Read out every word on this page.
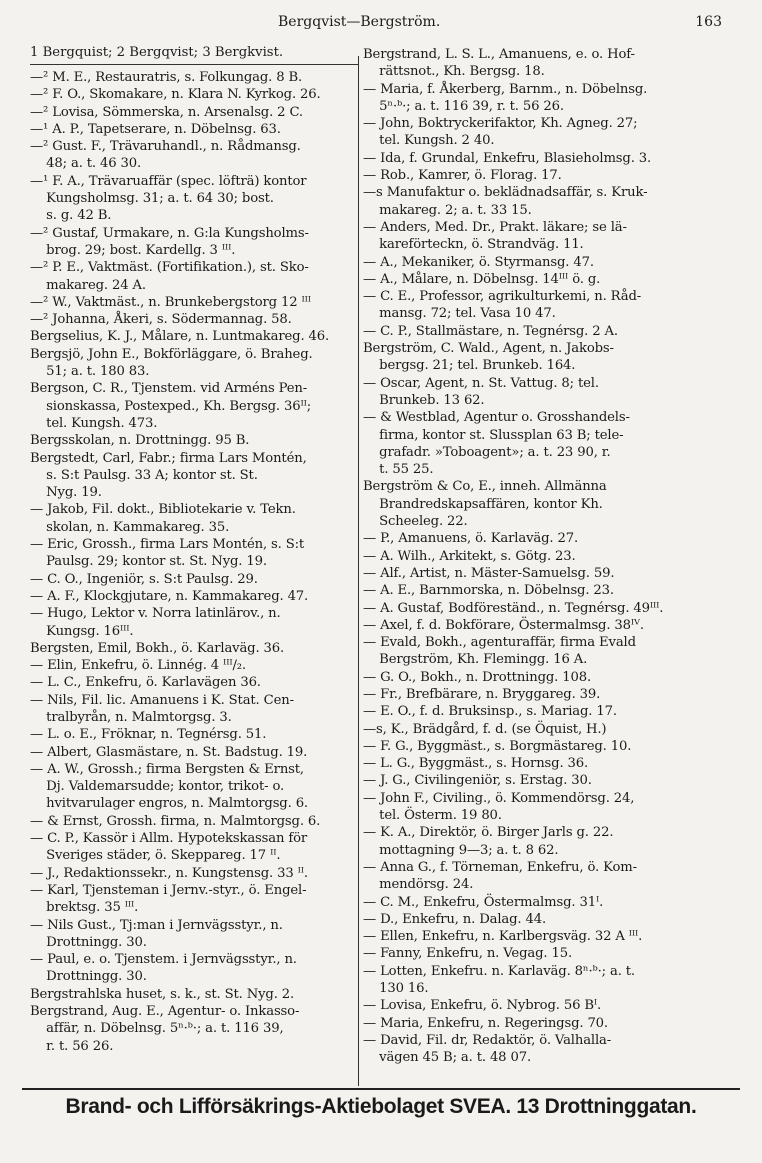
Bergqvist—Bergström.	163
1 Bergquist; 2 Bergqvist; 3 Bergkvist.
—² M. E., Restauratris, s. Folkungag. 8 B.
—² F. O., Skomakare, n. Klara N. Kyrkog. 26.
—² Lovisa, Sömmerska, n. Arsenalsg. 2 C.
—¹ A. P., Tapetserare, n. Döbelnsg. 63.
—² Gust. F., Trävaruhandl., n. Rådmansg.
48; a. t. 46 30.
—¹ F. A., Trävaruaffär (spec. löfträ) kontor
Kungsholmsg. 31; a. t. 64 30; bost.
s. g. 42 B.
—² Gustaf, Urmakare, n. G:la Kungsholms-
brog. 29; bost. Kardellg. 3 ᴵᴵᴵ.
—² P. E., Vaktmäst. (Fortifikation.), st. Sko-
makareg. 24 A.
—² W., Vaktmäst., n. Brunkebergstorg 12 ᴵᴵᴵ
—² Johanna, Åkeri, s. Södermannag. 58.
Bergselius, K. J., Målare, n. Luntmakareg. 46.
Bergsjö, John E., Bokförläggare, ö. Braheg.
51; a. t. 180 83.
Bergson, C. R., Tjenstem. vid Arméns Pen-
sionskassa, Postexped., Kh. Bergsg. 36ᴵᴵ;
tel. Kungsh. 473.
Bergsskolan, n. Drottningg. 95 B.
Bergstedt, Carl, Fabr.; firma Lars Montén,
s. S:t Paulsg. 33 A; kontor st. St.
Nyg. 19.
— Jakob, Fil. dokt., Bibliotekarie v. Tekn.
skolan, n. Kammakareg. 35.
— Eric, Grossh., firma Lars Montén, s. S:t
Paulsg. 29; kontor st. St. Nyg. 19.
— C. O., Ingeniör, s. S:t Paulsg. 29.
— A. F., Klockgjutare, n. Kammakareg. 47.
— Hugo, Lektor v. Norra latinlärov., n.
Kungsg. 16ᴵᴵᴵ.
Bergsten, Emil, Bokh., ö. Karlaväg. 36.
— Elin, Enkefru, ö. Linnég. 4 ᴵᴵᴵ/₂.
— L. C., Enkefru, ö. Karlavägen 36.
— Nils, Fil. lic. Amanuens i K. Stat. Cen-
tralbyrån, n. Malmtorgsg. 3.
— L. o. E., Fröknar, n. Tegnérsg. 51.
— Albert, Glasmästare, n. St. Badstug. 19.
— A. W., Grossh.; firma Bergsten & Ernst,
Dj. Valdemarsudde; kontor, trikot- o.
hvitvarulager engros, n. Malmtorgsg. 6.
— & Ernst, Grossh. firma, n. Malmtorgsg. 6.
— C. P., Kassör i Allm. Hypotekskassan för
Sveriges städer, ö. Skeppareg. 17 ᴵᴵ.
— J., Redaktionssekr., n. Kungstensg. 33 ᴵᴵ.
— Karl, Tjensteman i Jernv.-styr., ö. Engel-
brektsg. 35 ᴵᴵᴵ.
— Nils Gust., Tj:man i Jernvägsstyr., n.
Drottningg. 30.
— Paul, e. o. Tjenstem. i Jernvägsstyr., n.
Drottningg. 30.
Bergstrahlska huset, s. k., st. St. Nyg. 2.
Bergstrand, Aug. E., Agentur- o. Inkasso-
affär, n. Döbelnsg. 5ⁿ·ᵇ·; a. t. 116 39,
r. t. 56 26.
Bergstrand, L. S. L., Amanuens, e. o. Hof-
rättsnot., Kh. Bergsg. 18.
— Maria, f. Åkerberg, Barnm., n. Döbelnsg.
5ⁿ·ᵇ·; a. t. 116 39, r. t. 56 26.
— John, Boktryckerifaktor, Kh. Agneg. 27;
tel. Kungsh. 2 40.
— Ida, f. Grundal, Enkefru, Blasieholmsg. 3.
— Rob., Kamrer, ö. Florag. 17.
—s Manufaktur o. beklädnadsaffär, s. Kruk-
makareg. 2; a. t. 33 15.
— Anders, Med. Dr., Prakt. läkare; se lä-
kareförteckn, ö. Strandväg. 11.
— A., Mekaniker, ö. Styrmansg. 47.
— A., Målare, n. Döbelnsg. 14ᴵᴵᴵ ö. g.
— C. E., Professor, agrikulturkemi, n. Råd-
mansg. 72; tel. Vasa 10 47.
— C. P., Stallmästare, n. Tegnérsg. 2 A.
Bergström, C. Wald., Agent, n. Jakobs-
bergsg. 21; tel. Brunkeb. 164.
— Oscar, Agent, n. St. Vattug. 8; tel.
Brunkeb. 13 62.
— & Westblad, Agentur o. Grosshandels-
firma, kontor st. Slussplan 63 B; tele-
grafadr. »Toboagent»; a. t. 23 90, r.
t. 55 25.
Bergström & Co, E., inneh. Allmänna
Brandredskapsaffären, kontor Kh.
Scheeleg. 22.
— P., Amanuens, ö. Karlaväg. 27.
— A. Wilh., Arkitekt, s. Götg. 23.
— Alf., Artist, n. Mäster-Samuelsg. 59.
— A. E., Barnmorska, n. Döbelnsg. 23.
— A. Gustaf, Bodföreständ., n. Tegnérsg. 49ᴵᴵᴵ.
— Axel, f. d. Bokförare, Östermalmsg. 38ᴵⱽ.
— Evald, Bokh., agenturaffär, firma Evald
Bergström, Kh. Flemingg. 16 A.
— G. O., Bokh., n. Drottningg. 108.
— Fr., Brefbärare, n. Bryggareg. 39.
— E. O., f. d. Bruksinsp., s. Mariag. 17.
—s, K., Brädgård, f. d. (se Öquist, H.)
— F. G., Byggmäst., s. Borgmästareg. 10.
— L. G., Byggmäst., s. Hornsg. 36.
— J. G., Civilingeniör, s. Erstag. 30.
— John F., Civiling., ö. Kommendörsg. 24,
tel. Österm. 19 80.
— K. A., Direktör, ö. Birger Jarls g. 22.
mottagning 9—3; a. t. 8 62.
— Anna G., f. Törneman, Enkefru, ö. Kom-
mendörsg. 24.
— C. M., Enkefru, Östermalmsg. 31ᴵ.
— D., Enkefru, n. Dalag. 44.
— Ellen, Enkefru, n. Karlbergsväg. 32 A ᴵᴵᴵ.
— Fanny, Enkefru, n. Vegag. 15.
— Lotten, Enkefru. n. Karlaväg. 8ⁿ·ᵇ·; a. t.
130 16.
— Lovisa, Enkefru, ö. Nybrog. 56 Bᴵ.
— Maria, Enkefru, n. Regeringsg. 70.
— David, Fil. dr, Redaktör, ö. Valhalla-
vägen 45 B; a. t. 48 07.
Brand- och Lifförsäkrings-Aktiebolaget SVEA. 13 Drottninggatan.
